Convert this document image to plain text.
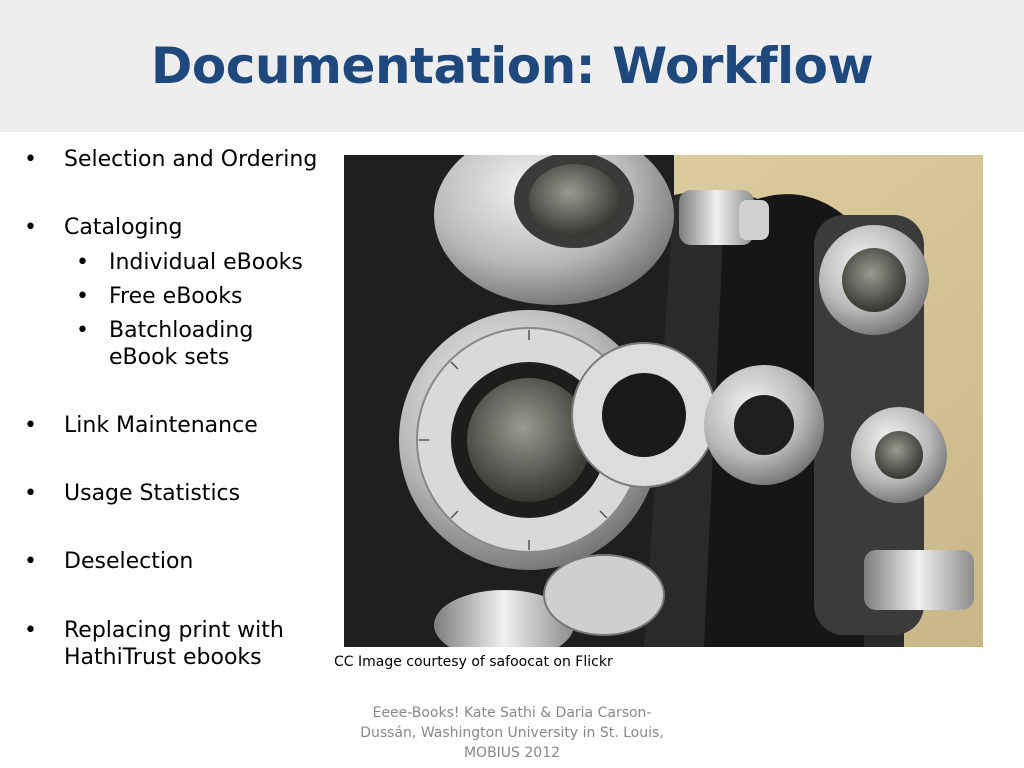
Documentation: Workflow
•	Selection and Ordering
•	Cataloging
• Individual eBooks
• Free eBooks
• Batchloading
eBook sets
•	Link Maintenance
•	Usage Statistics
•	Deselection
•	Replacing print with
HathiTrust ebooks	CC Image courtesy of safoocat on Flickr
Eeee-Books! Kate Sathi & Daria Carson-
Dussán, Washington University in St. Louis,
MOBIUS 2012
